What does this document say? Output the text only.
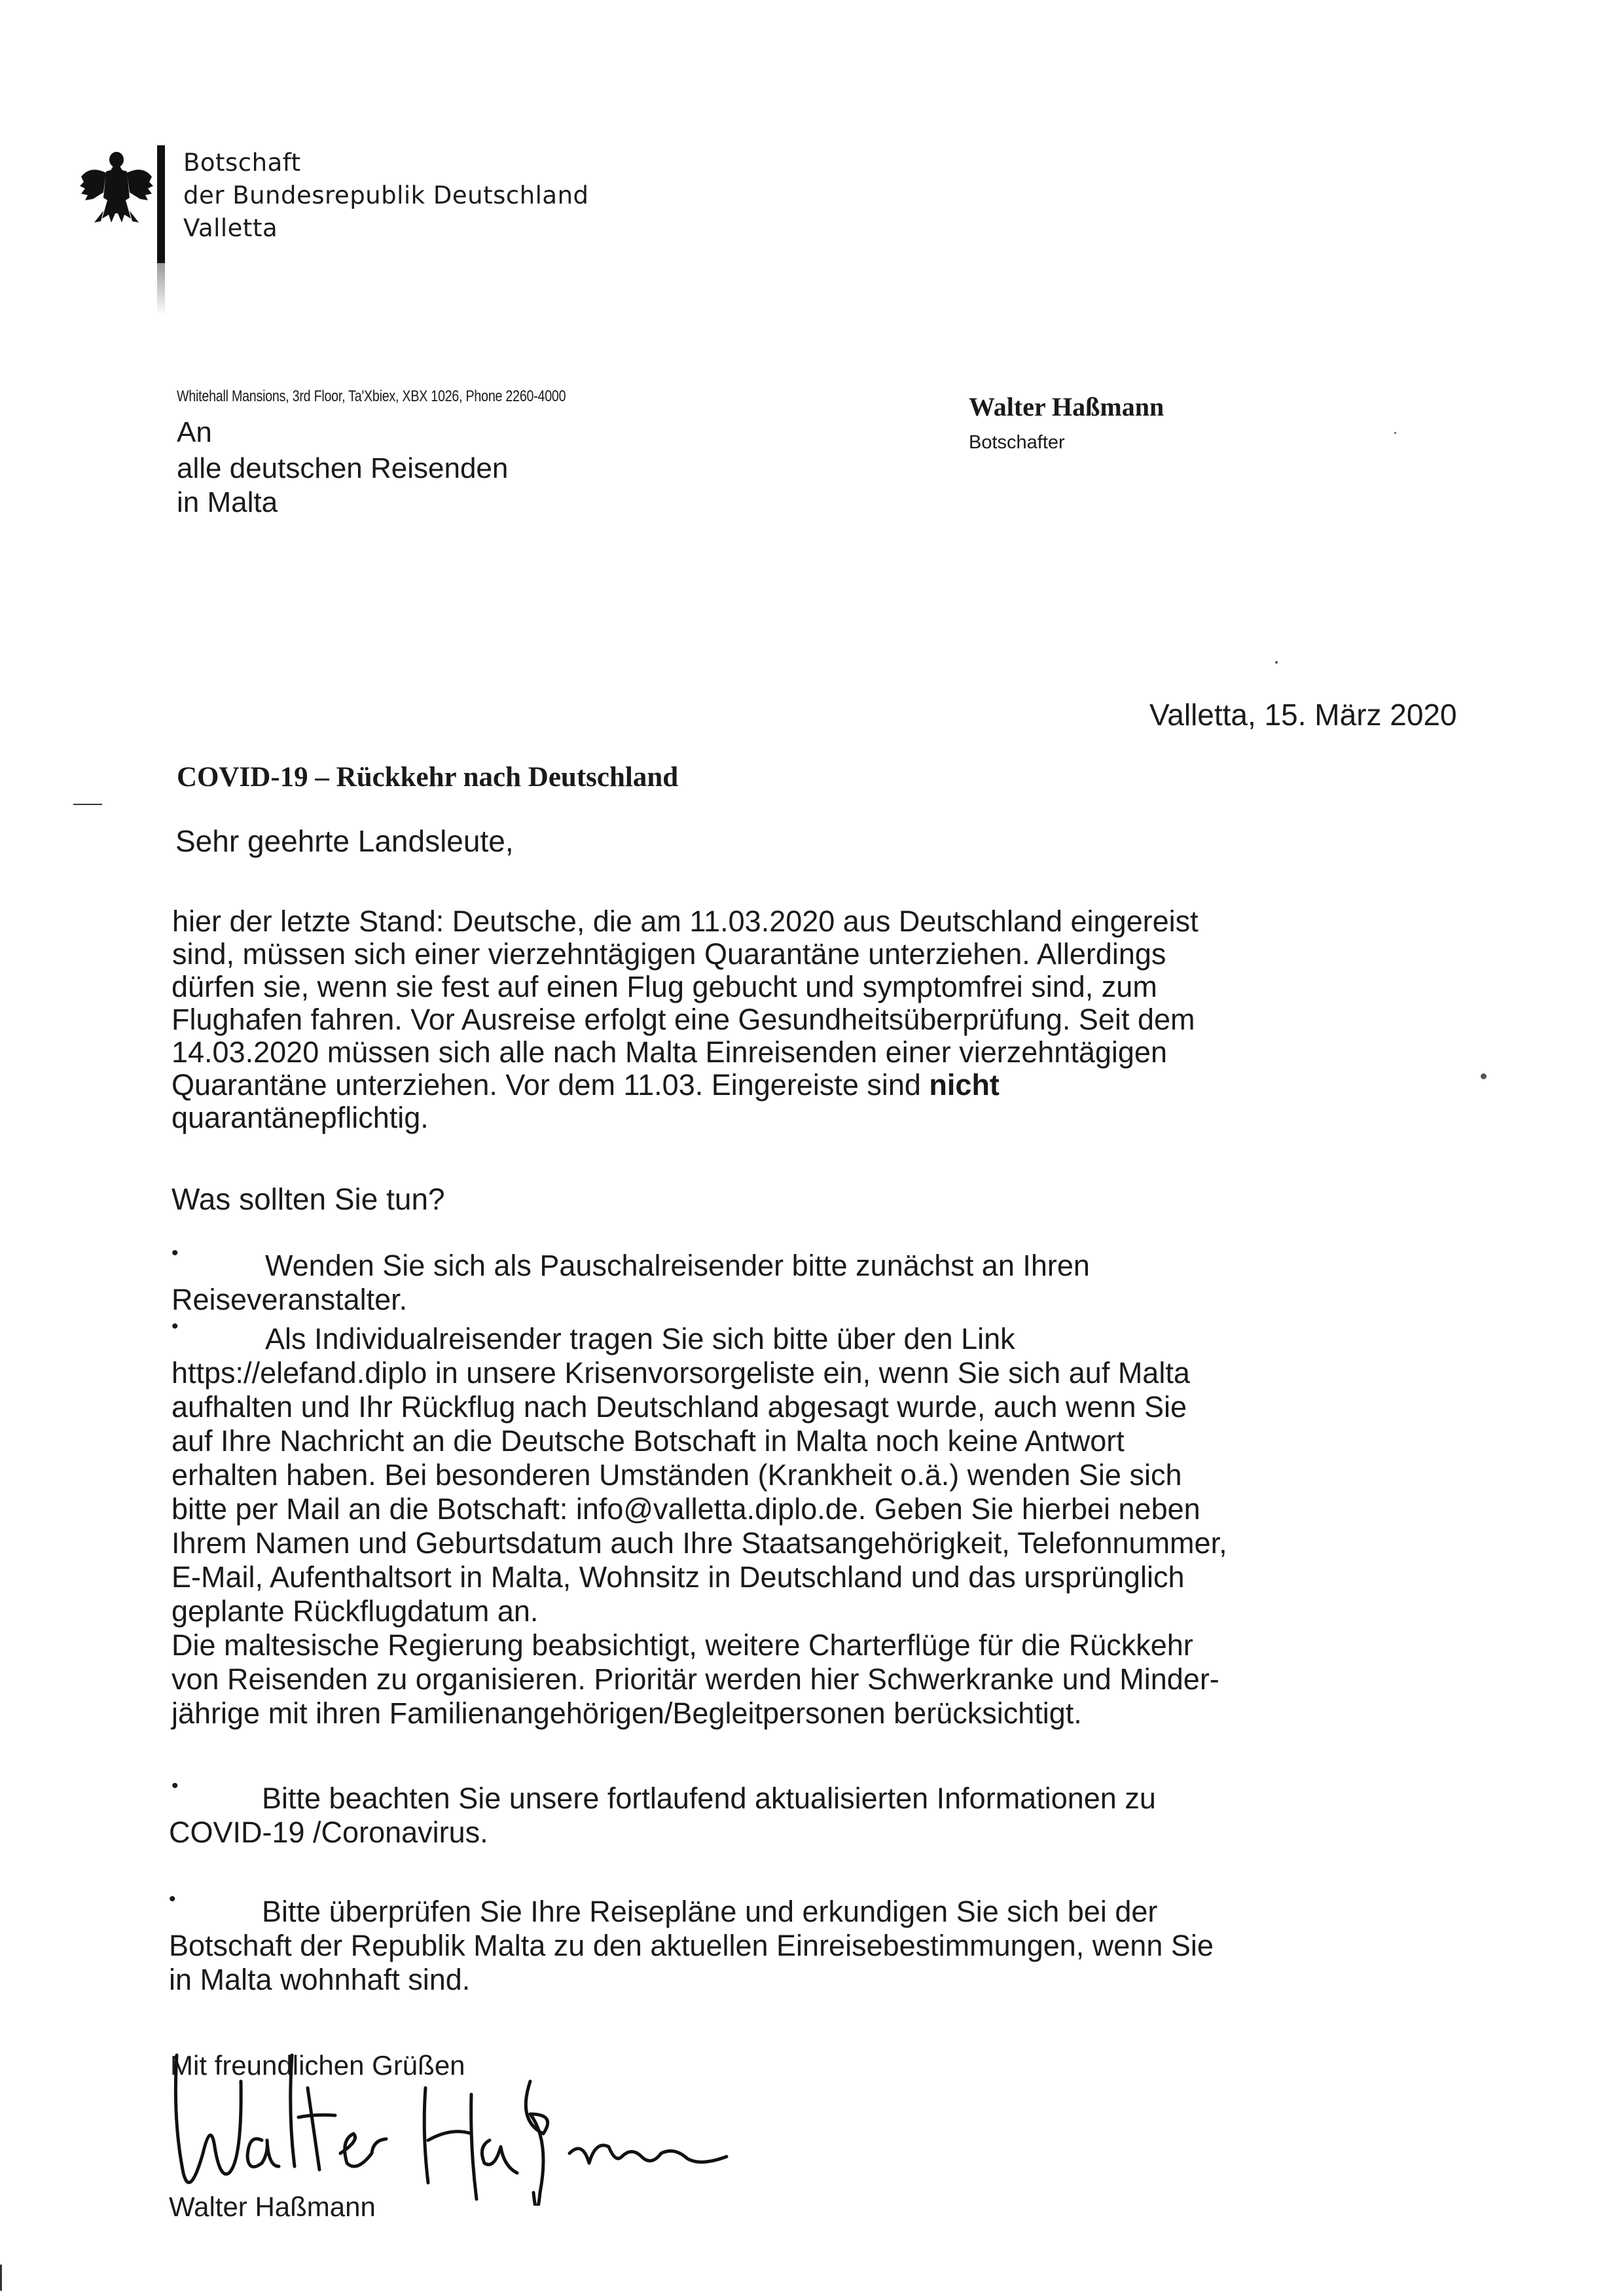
Botschaft
der Bundesrepublik Deutschland
Valletta
Whitehall Mansions, 3rd Floor, Ta'Xbiex, XBX 1026, Phone 2260-4000
An
alle deutschen Reisenden
in Malta
Walter Haßmann
Botschafter
Valletta, 15. März 2020
COVID-19 – Rückkehr nach Deutschland
Sehr geehrte Landsleute,
hier der letzte Stand: Deutsche, die am 11.03.2020 aus Deutschland eingereist
sind, müssen sich einer vierzehntägigen Quarantäne unterziehen. Allerdings
dürfen sie, wenn sie fest auf einen Flug gebucht und symptomfrei sind, zum
Flughafen fahren. Vor Ausreise erfolgt eine Gesundheitsüberprüfung. Seit dem
14.03.2020 müssen sich alle nach Malta Einreisenden einer vierzehntägigen
Quarantäne unterziehen. Vor dem 11.03. Eingereiste sind nicht
quarantänepflichtig.
Was sollten Sie tun?
•	Wenden Sie sich als Pauschalreisender bitte zunächst an Ihren
Reiseveranstalter.
•	Als Individualreisender tragen Sie sich bitte über den Link
https://elefand.diplo in unsere Krisenvorsorgeliste ein, wenn Sie sich auf Malta
aufhalten und Ihr Rückflug nach Deutschland abgesagt wurde, auch wenn Sie
auf Ihre Nachricht an die Deutsche Botschaft in Malta noch keine Antwort
erhalten haben. Bei besonderen Umständen (Krankheit o.ä.) wenden Sie sich
bitte per Mail an die Botschaft: info@valletta.diplo.de. Geben Sie hierbei neben
Ihrem Namen und Geburtsdatum auch Ihre Staatsangehörigkeit, Telefonnummer,
E-Mail, Aufenthaltsort in Malta, Wohnsitz in Deutschland und das ursprünglich
geplante Rückflugdatum an.
Die maltesische Regierung beabsichtigt, weitere Charterflüge für die Rückkehr
von Reisenden zu organisieren. Prioritär werden hier Schwerkranke und Minder-
jährige mit ihren Familienangehörigen/Begleitpersonen berücksichtigt.
•	Bitte beachten Sie unsere fortlaufend aktualisierten Informationen zu
COVID-19 /Coronavirus.
•	Bitte überprüfen Sie Ihre Reisepläne und erkundigen Sie sich bei der
Botschaft der Republik Malta zu den aktuellen Einreisebestimmungen, wenn Sie
in Malta wohnhaft sind.
Mit freundlichen Grüßen
Walter Haßmann
